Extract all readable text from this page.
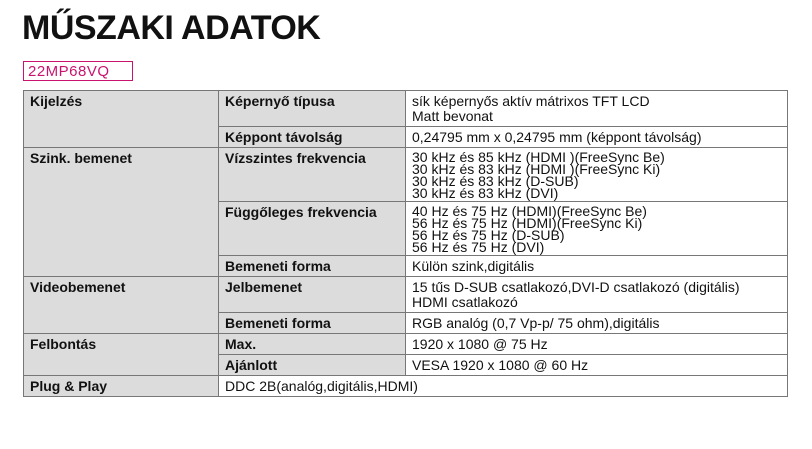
MŰSZAKI ADATOK
22MP68VQ
Kijelzés	Képernyő típusa	sík képernyős aktív mátrixos TFT LCD
Matt bevonat

	Képpont távolság	0,24795 mm x 0,24795 mm (képpont távolság)
Szink. bemenet	Vízszintes frekvencia	30 kHz és 85 kHz (HDMI )(FreeSync Be)
30 kHz és 83 kHz (HDMI )(FreeSync Ki)
30 kHz és 83 kHz (D-SUB)
30 kHz és 83 kHz (DVI)

	Függőleges frekvencia	40 Hz és 75 Hz (HDMI)(FreeSync Be)
56 Hz és 75 Hz (HDMI)(FreeSync Ki)
56 Hz és 75 Hz (D-SUB)
56 Hz és 75 Hz (DVI)

	Bemeneti forma	Külön szink,digitális
Videobemenet	Jelbemenet	15 tűs D-SUB csatlakozó,DVI-D csatlakozó (digitális)
HDMI csatlakozó

	Bemeneti forma	RGB analóg (0,7 Vp-p/ 75 ohm),digitális
Felbontás	Max.	1920 x 1080 @ 75 Hz
	Ajánlott	VESA 1920 x 1080 @ 60 Hz
Plug & Play	DDC 2B(analóg,digitális,HDMI)	
